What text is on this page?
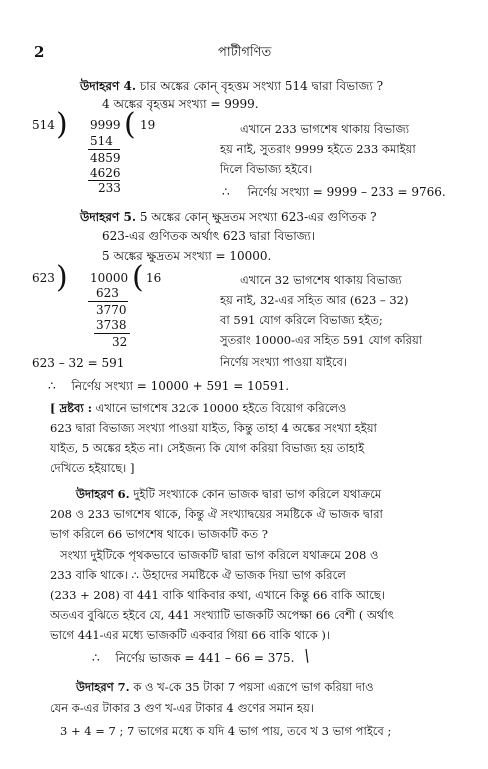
2	পাটীগণিত
উদাহরণ 4. চার অঙ্কের কোন্ বৃহত্তম সংখ্যা 514 দ্বারা বিভাজ্য ?
4 অঙ্কের বৃহত্তম সংখ্যা = 9999.
514 ) 9999 ( 19
514
4859
4626
233
এখানে 233 ভাগশেষ থাকায় বিভাজ্য
হয় নাই, সুতরাং 9999 হইতে 233 কমাইয়া
দিলে বিভাজ্য হইবে।
∴ নির্ণেয় সংখ্যা = 9999 – 233 = 9766.
উদাহরণ 5. 5 অঙ্কের কোন্ ক্ষুদ্রতম সংখ্যা 623-এর গুণিতক ?
623-এর গুণিতক অর্থাৎ 623 দ্বারা বিভাজ্য।
5 অঙ্কের ক্ষুদ্রতম সংখ্যা = 10000.
623 ) 10000 ( 16
623
3770
3738
32
এখানে 32 ভাগশেষ থাকায় বিভাজ্য
হয় নাই, 32-এর সহিত আর (623 – 32)
বা 591 যোগ করিলে বিভাজ্য হইত;
সুতরাং 10000-এর সহিত 591 যোগ করিয়া
623 – 32 = 591	নির্ণেয় সংখ্যা পাওয়া যাইবে।
∴ নির্ণেয় সংখ্যা = 10000 + 591 = 10591.
[ দ্রষ্টব্য : এখানে ভাগশেষ 32কে 10000 হইতে বিয়োগ করিলেও
623 দ্বারা বিভাজ্য সংখ্যা পাওয়া যাইত, কিন্তু তাহা 4 অঙ্কের সংখ্যা হইয়া
যাইত, 5 অঙ্কের হইত না। সেইজন্য কি যোগ করিয়া বিভাজ্য হয় তাহাই
দেখিতে হইয়াছে। ]
উদাহরণ 6. দুইটি সংখ্যাকে কোন ভাজক দ্বারা ভাগ করিলে যথাক্রমে
208 ও 233 ভাগশেষ থাকে, কিন্তু ঐ সংখ্যাদ্বয়ের সমষ্টিকে ঐ ভাজক দ্বারা
ভাগ করিলে 66 ভাগশেষ থাকে। ভাজকটি কত ?
সংখ্যা দুইটিকে পৃথকভাবে ভাজকটি দ্বারা ভাগ করিলে যথাক্রমে 208 ও
233 বাকি থাকে। ∴ উহাদের সমষ্টিকে ঐ ভাজক দিয়া ভাগ করিলে
(233 + 208) বা 441 বাকি থাকিবার কথা, এখানে কিন্তু 66 বাকি আছে।
অতএব বুঝিতে হইবে যে, 441 সংখ্যাটি ভাজকটি অপেক্ষা 66 বেশী ( অর্থাৎ
ভাগে 441-এর মধ্যে ভাজকটি একবার গিয়া 66 বাকি থাকে )।
∴ নির্ণেয় ভাজক = 441 – 66 = 375. /
উদাহরণ 7. ক ও খ-কে 35 টাকা 7 পয়সা এরূপে ভাগ করিয়া দাও
যেন ক-এর টাকার 3 গুণ খ-এর টাকার 4 গুণের সমান হয়।
3 + 4 = 7 ; 7 ভাগের মধ্যে ক যদি 4 ভাগ পায়, তবে খ 3 ভাগ পাইবে ;
